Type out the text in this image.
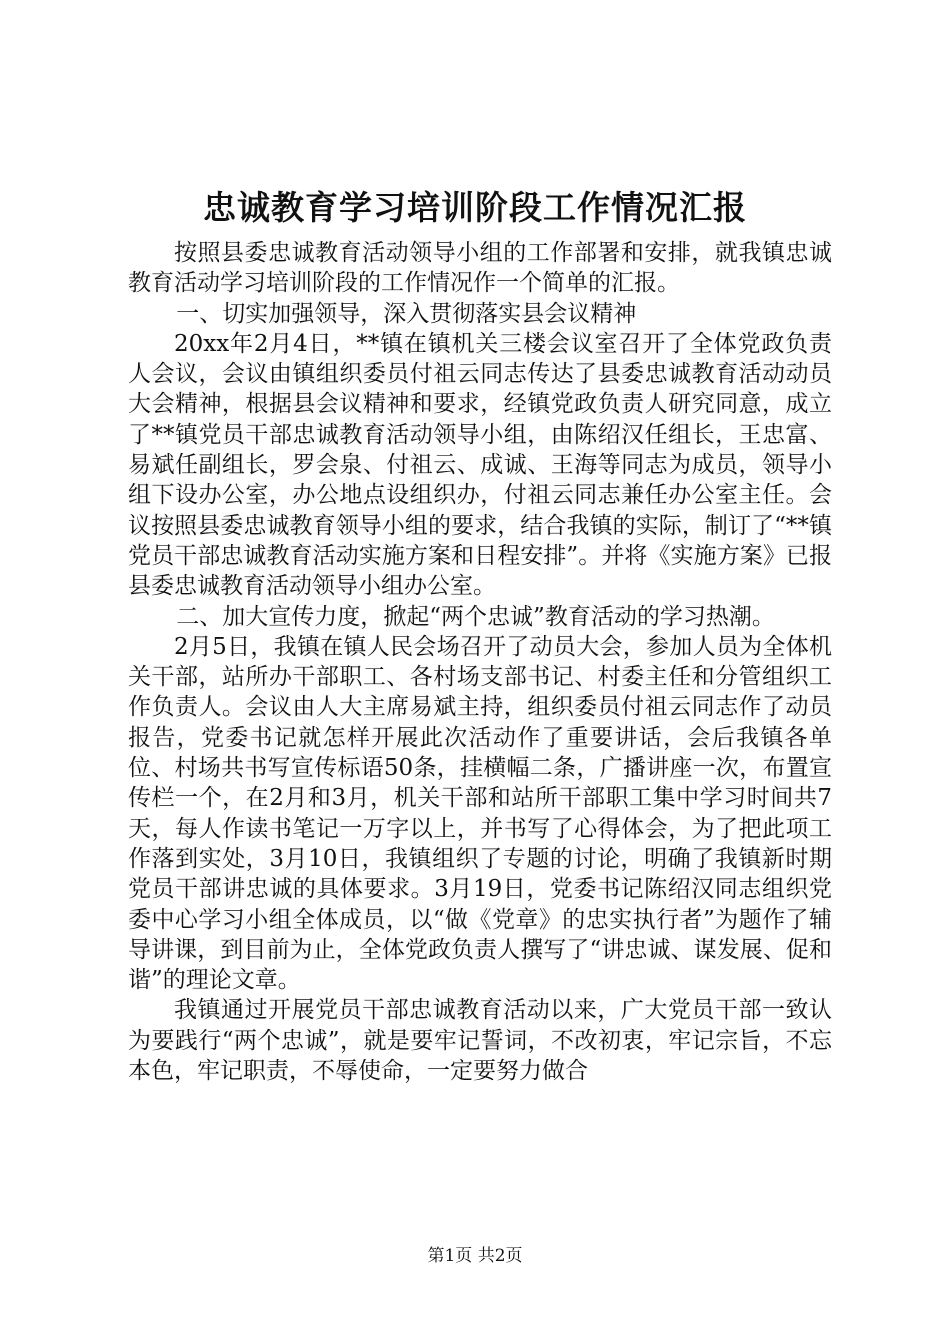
忠诚教育学习培训阶段工作情况汇报

按照县委忠诚教育活动领导小组的工作部署和安排，就我镇忠诚教育活动学习培训阶段的工作情况作一个简单的汇报。

一、切实加强领导，深入贯彻落实县会议精神

20xx年2月4日，**镇在镇机关三楼会议室召开了全体党政负责人会议，会议由镇组织委员付祖云同志传达了县委忠诚教育活动动员大会精神，根据县会议精神和要求，经镇党政负责人研究同意，成立了**镇党员干部忠诚教育活动领导小组，由陈绍汉任组长，王忠富、易斌任副组长，罗会泉、付祖云、成诚、王海等同志为成员，领导小组下设办公室，办公地点设组织办，付祖云同志兼任办公室主任。会议按照县委忠诚教育领导小组的要求，结合我镇的实际，制订了“**镇党员干部忠诚教育活动实施方案和日程安排”。并将《实施方案》已报县委忠诚教育活动领导小组办公室。

二、加大宣传力度，掀起“两个忠诚”教育活动的学习热潮。

2月5日，我镇在镇人民会场召开了动员大会，参加人员为全体机关干部，站所办干部职工、各村场支部书记、村委主任和分管组织工作负责人。会议由人大主席易斌主持，组织委员付祖云同志作了动员报告，党委书记就怎样开展此次活动作了重要讲话，会后我镇各单位、村场共书写宣传标语50条，挂横幅二条，广播讲座一次，布置宣传栏一个，在2月和3月，机关干部和站所干部职工集中学习时间共7天，每人作读书笔记一万字以上，并书写了心得体会，为了把此项工作落到实处，3月10日，我镇组织了专题的讨论，明确了我镇新时期党员干部讲忠诚的具体要求。3月19日，党委书记陈绍汉同志组织党委中心学习小组全体成员，以“做《党章》的忠实执行者”为题作了辅导讲课，到目前为止，全体党政负责人撰写了“讲忠诚、谋发展、促和谐”的理论文章。

我镇通过开展党员干部忠诚教育活动以来，广大党员干部一致认为要践行“两个忠诚”，就是要牢记誓词，不改初衷，牢记宗旨，不忘本色，牢记职责，不辱使命，一定要努力做合

第1页 共2页
